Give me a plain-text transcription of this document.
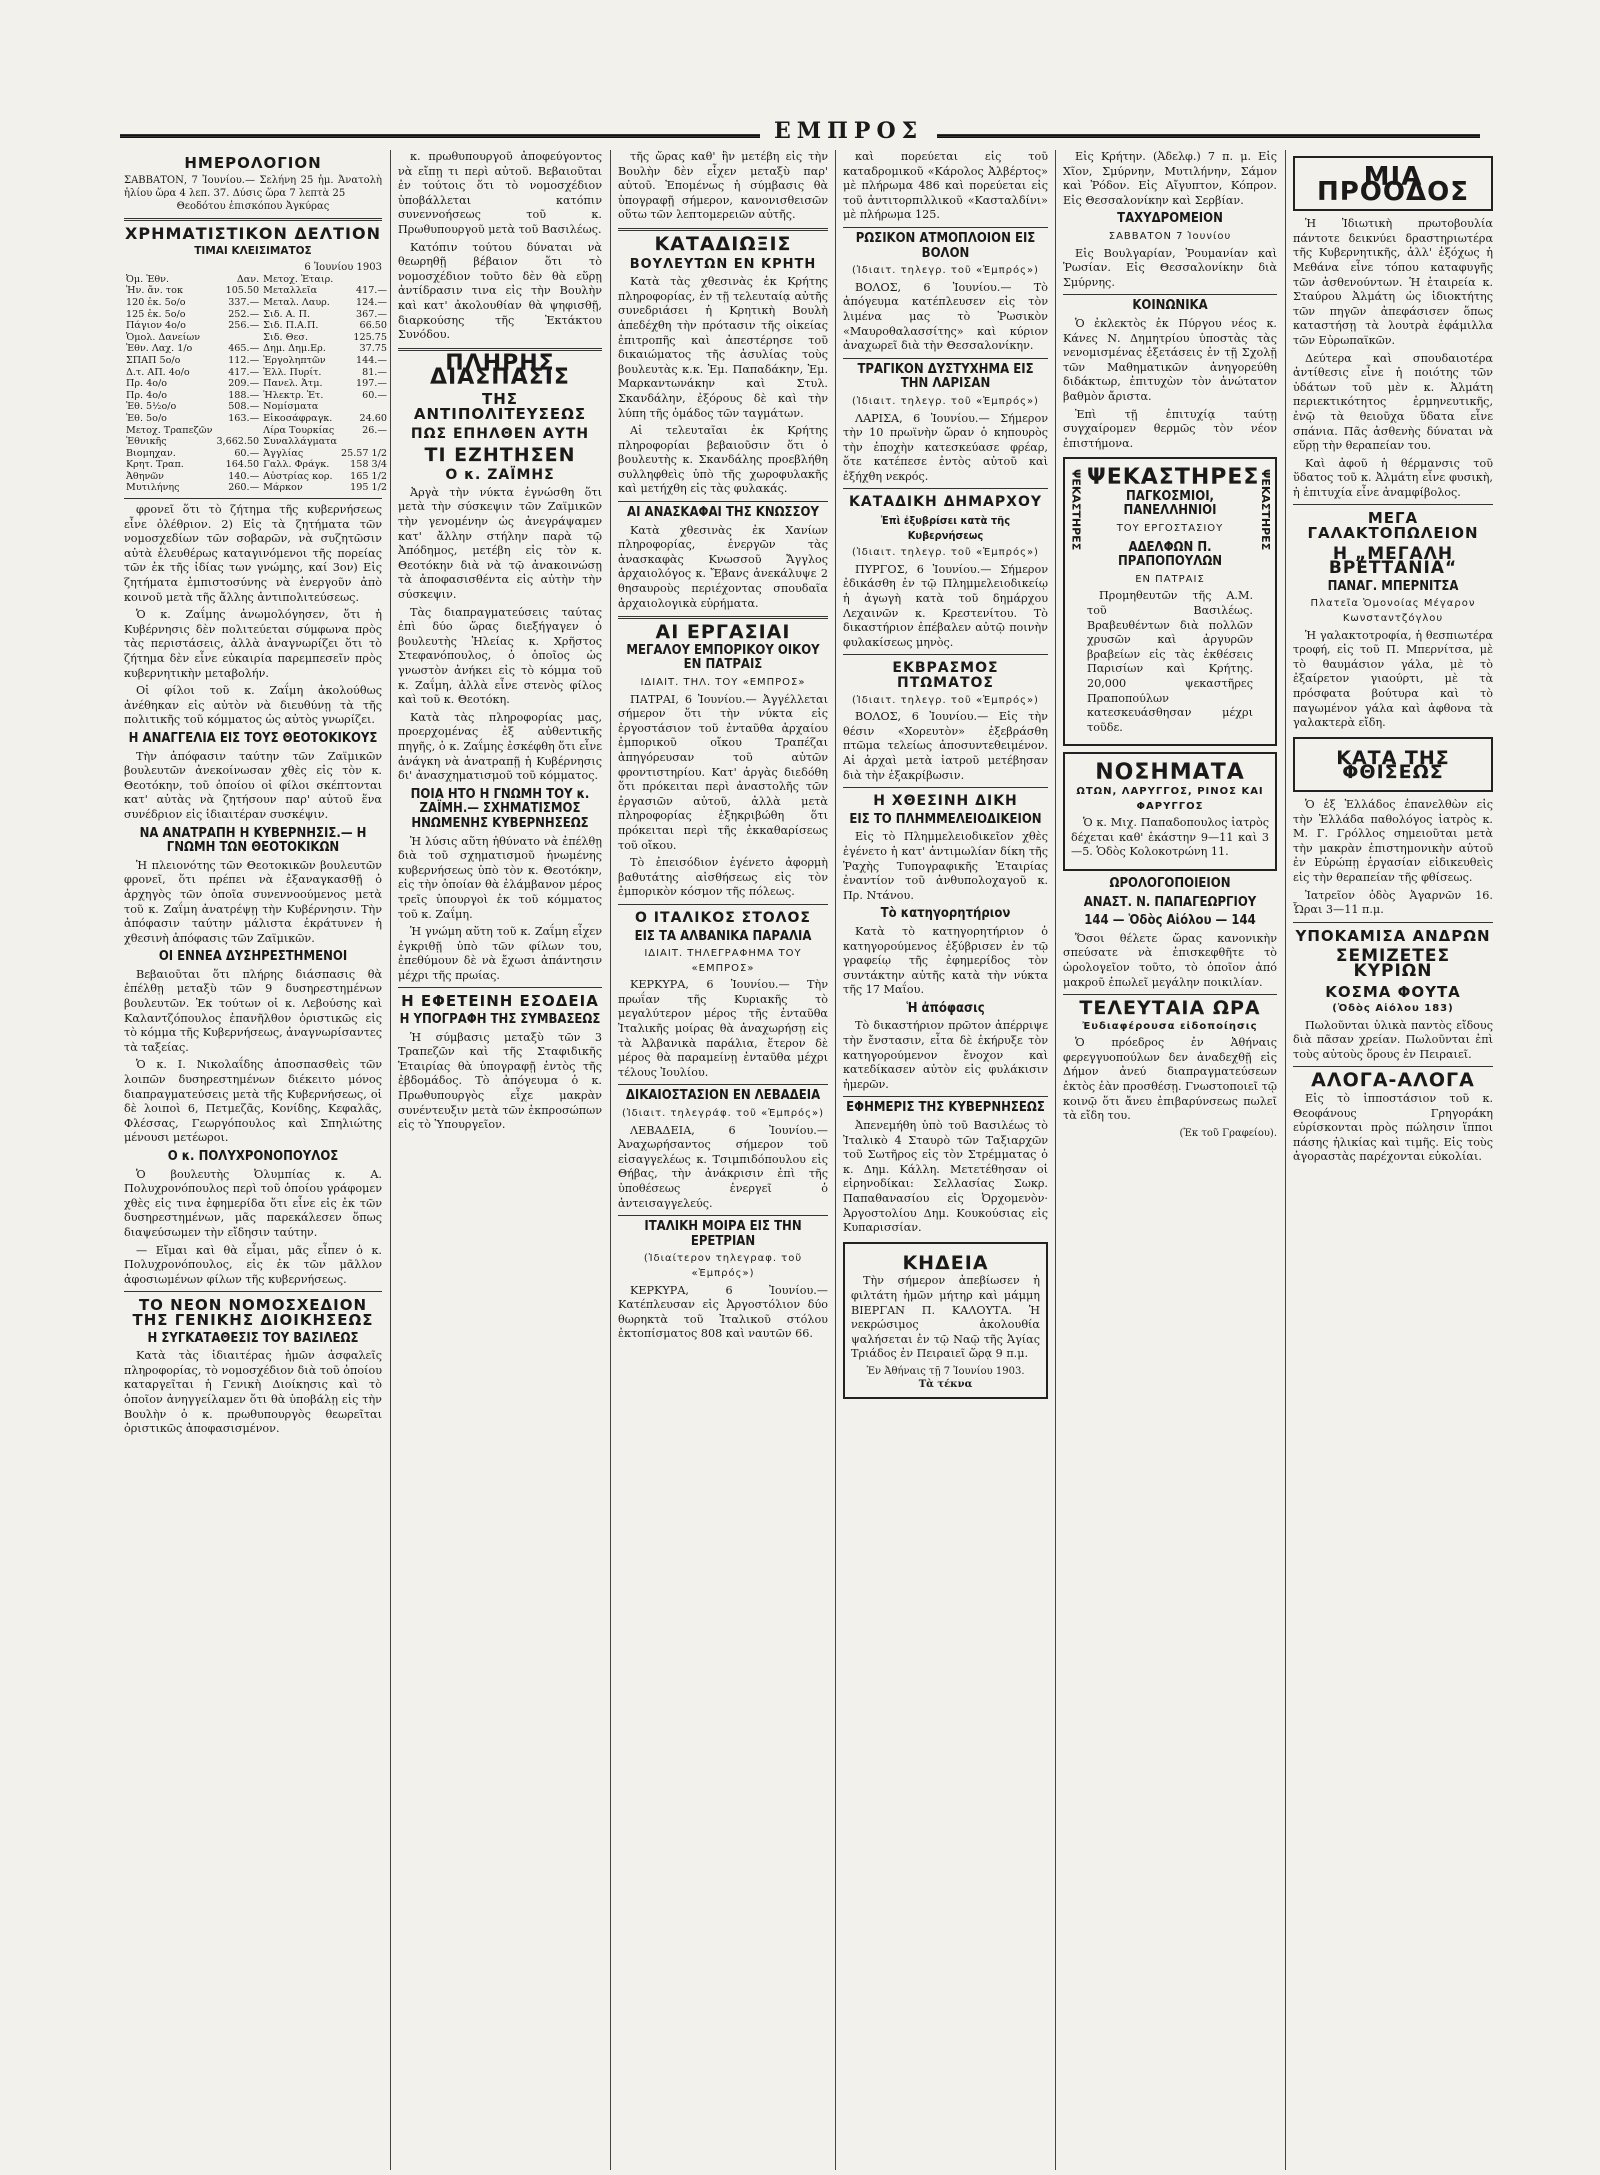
ΕΜΠΡΟΣ
ΗΜΕΡΟΛΟΓΙΟΝ
ΣΑΒΒΑΤΟΝ, 7 Ἰουνίου.— Σελήνη 25 ἡμ. Ἀνατολὴ ἡλίου ὥρα 4 λεπ. 37. Δύσις ὥρα 7 λεπτὰ 25
Θεοδότου ἐπισκόπου Ἀγκύρας
ΧΡΗΜΑΤΙΣΤΙΚΟΝ ΔΕΛΤΙΟΝ
ΤΙΜΑΙ ΚΛΕΙΣΙΜΑΤΟΣ
6 Ἰουνίου 1903
Ὀμ. Ἐθν.	Δαν.	Μετοχ. Ἑταιρ.	
Ἡν. ἄν. τοκ	105.50	Μεταλλεῖα	417.—
120 ἐκ. 5ο/ο	337.—	Μεταλ. Λαυρ.	124.—
125 ἐκ. 5ο/ο	252.—	Σιδ. Α. Π.	367.—
Πάγιον 4ο/ο	256.—	Σιδ. Π.Α.Π.	66.50
Ὁμολ. Δανείων		Σιδ. Θεσ.	125.75
Ἐθν. Λαχ. 1/ο	465.—	Δημ. Δημ.Ερ.	37.75
ΣΠΑΠ 5ο/ο	112.—	Ἐργοληπτῶν	144.—
Δ.τ. ΑΠ. 4ο/ο	417.—	Ἑλλ. Πυρίτ.	81.—
Πρ. 4ο/ο	209.—	Πανελ. Ἀτμ.	197.—
Πρ. 4ο/ο	188.—	Ἠλεκτρ. Ἐτ.	60.—
Ἐθ. 5½ο/ο	508.—	Νομίσματα	
Ἐθ. 5ο/ο	163.—	Εἰκοσάφραγκ.	24.60
Μετοχ. Τραπεζῶν		Λίρα Τουρκίας	26.—
Ἐθνικῆς	3,662.50	Συναλλάγματα	
Βιομηχαν.	60.—	Ἀγγλίας	25.57 1/2
Κρητ. Τραπ.	164.50	Γαλλ. Φράγκ.	158 3/4
Ἀθηνῶν	140.—	Αὐστρίας κορ.	165 1/2
Μυτιλήνης	260.—	Μάρκον	195 1/2

φρονεῖ ὅτι τὸ ζήτημα τῆς κυβερνήσεως εἶνε ὀλέθριον. 2) Εἰς τὰ ζητήματα τῶν νομοσχεδίων τῶν σοβαρῶν, νὰ συζητῶσιν αὐτὰ ἐλευθέρως καταγινόμενοι τῆς πορείας τῶν ἐκ τῆς ἰδίας των γνώμης, καί 3ον) Εἰς ζητήματα ἐμπιστοσύνης νὰ ἐνεργοῦν ἀπὸ κοινοῦ μετὰ τῆς ἄλλης ἀντιπολιτεύσεως.

Ὁ κ. Ζαΐμης ἀνωμολόγησεν, ὅτι ἡ Κυβέρνησις δὲν πολιτεύεται σύμφωνα πρὸς τὰς περιστάσεις, ἀλλὰ ἀναγνωρίζει ὅτι τὸ ζήτημα δὲν εἶνε εὐκαιρία παρεμπεσεῖν πρὸς κυβερνητικὴν μεταβολήν.

Οἱ φίλοι τοῦ κ. Ζαΐμη ἀκολούθως ἀνέθηκαν εἰς αὐτὸν νὰ διευθύνῃ τὰ τῆς πολιτικῆς τοῦ κόμματος ὡς αὐτὸς γνωρίζει.

Η ΑΝΑΓΓΕΛΙΑ ΕΙΣ ΤΟΥΣ ΘΕΟΤΟΚΙΚΟΥΣ

Τὴν ἀπόφασιν ταύτην τῶν Ζαϊμικῶν βουλευτῶν ἀνεκοίνωσαν χθὲς εἰς τὸν κ. Θεοτόκην, τοῦ ὁποίου οἱ φίλοι σκέπτονται κατ' αὐτὰς νὰ ζητήσουν παρ' αὐτοῦ ἕνα συνέδριον εἰς ἰδιαιτέραν συσκέψιν.

ΝΑ ΑΝΑΤΡΑΠΗ Η ΚΥΒΕΡΝΗΣΙΣ.— Η ΓΝΩΜΗ ΤΩΝ ΘΕΟΤΟΚΙΚΩΝ

Ἡ πλειονότης τῶν Θεοτοκικῶν βουλευτῶν φρονεῖ, ὅτι πρέπει νὰ ἐξαναγκασθῇ ὁ ἀρχηγὸς τῶν ὁποῖα συνεννοούμενος μετὰ τοῦ κ. Ζαΐμη ἀνατρέψῃ τὴν Κυβέρνησιν. Τὴν ἀπόφασιν ταύτην μάλιστα ἐκράτυνεν ἡ χθεσινὴ ἀπόφασις τῶν Ζαϊμικῶν.

ΟΙ ΕΝΝΕΑ ΔΥΣΗΡΕΣΤΗΜΕΝΟΙ

Βεβαιοῦται ὅτι πλήρης διάσπασις θὰ ἐπέλθῃ μεταξὺ τῶν 9 δυσηρεστημένων βουλευτῶν. Ἐκ τούτων οἱ κ. Λεβούσης καὶ Καλαντζόπουλος ἐπανῆλθον ὁριστικῶς εἰς τὸ κόμμα τῆς Κυβερνήσεως, ἀναγνωρίσαντες τὰ ταξείας.

Ὁ κ. Ι. Νικολαΐδης ἀποσπασθεὶς τῶν λοιπῶν δυσηρεστημένων διέκειτο μόνος διαπραγματεύσεις μετὰ τῆς Κυβερνήσεως, οἱ δὲ λοιποὶ 6, Πετμεζᾶς, Κονίδης, Κεφαλᾶς, Φλέσσας, Γεωργόπουλος καὶ Σπηλιώτης μένουσι μετέωροι.

Ο κ. ΠΟΛΥΧΡΟΝΟΠΟΥΛΟΣ

Ὁ βουλευτὴς Ὀλυμπίας κ. Α. Πολυχρονόπουλος περὶ τοῦ ὁποίου γράφομεν χθὲς εἰς τινα ἐφημερίδα ὅτι εἶνε εἰς ἐκ τῶν δυσηρεστημένων, μᾶς παρεκάλεσεν ὅπως διαψεύσωμεν τὴν εἴδησιν ταύτην.

— Εἴμαι καὶ θὰ εἶμαι, μᾶς εἶπεν ὁ κ. Πολυχρονόπουλος, εἰς ἐκ τῶν μᾶλλον ἀφοσιωμένων φίλων τῆς κυβερνήσεως.

ΤΟ ΝΕΟΝ ΝΟΜΟΣΧΕΔΙΟΝ ΤΗΣ ΓΕΝΙΚΗΣ ΔΙΟΙΚΗΣΕΩΣ
Η ΣΥΓΚΑΤΑΘΕΣΙΣ ΤΟΥ ΒΑΣΙΛΕΩΣ

Κατὰ τὰς ἰδιαιτέρας ἡμῶν ἀσφαλεῖς πληροφορίας, τὸ νομοσχέδιον διὰ τοῦ ὁποίου καταργεῖται ἡ Γενικὴ Διοίκησις καὶ τὸ ὁποῖον ἀνηγγείλαμεν ὅτι θὰ ὑποβάλῃ εἰς τὴν Βουλὴν ὁ κ. πρωθυπουργὸς θεωρεῖται ὁριστικῶς ἀποφασισμένον.

κ. πρωθυπουργοῦ ἀποφεύγοντος νὰ εἴπῃ τι περὶ αὐτοῦ. Βεβαιοῦται ἐν τούτοις ὅτι τὸ νομοσχέδιον ὑποβάλλεται κατόπιν συνεννοήσεως τοῦ κ. Πρωθυπουργοῦ μετὰ τοῦ Βασιλέως.

Κατόπιν τούτου δύναται νὰ θεωρηθῇ βέβαιον ὅτι τὸ νομοσχέδιον τοῦτο δὲν θὰ εὕρῃ ἀντίδρασιν τινα εἰς τὴν Βουλὴν καὶ κατ' ἀκολουθίαν θὰ ψηφισθῇ, διαρκούσης τῆς Ἐκτάκτου Συνόδου.

ΠΛΗΡΗΣ ΔΙΑΣΠΑΣΙΣ
ΤΗΣ ΑΝΤΙΠΟΛΙΤΕΥΣΕΩΣ
ΠΩΣ ΕΠΗΛΘΕΝ ΑΥΤΗ
ΤΙ ΕΖΗΤΗΣΕΝ
Ο κ. ΖΑΪΜΗΣ

Ἀργὰ τὴν νύκτα ἐγνώσθη ὅτι μετὰ τὴν σύσκεψιν τῶν Ζαϊμικῶν τὴν γενομένην ὡς ἀνεγράψαμεν κατ' ἄλλην στήλην παρὰ τῷ Ἀπόδημος, μετέβη εἰς τὸν κ. Θεοτόκην διὰ νὰ τῷ ἀνακοινώσῃ τὰ ἀποφασισθέντα εἰς αὐτὴν τὴν σύσκεψιν.

Τὰς διαπραγματεύσεις ταύτας ἐπὶ δύο ὥρας διεξήγαγεν ὁ βουλευτὴς Ἠλείας κ. Χρῆστος Στεφανόπουλος, ὁ ὁποῖος ὡς γνωστὸν ἀνήκει εἰς τὸ κόμμα τοῦ κ. Ζαΐμη, ἀλλὰ εἶνε στενὸς φίλος καὶ τοῦ κ. Θεοτόκη.

Κατὰ τὰς πληροφορίας μας, προερχομένας ἐξ αὐθεντικῆς πηγῆς, ὁ κ. Ζαΐμης ἐσκέφθη ὅτι εἶνε ἀνάγκη νὰ ἀνατραπῇ ἡ Κυβέρνησις δι' ἀνασχηματισμοῦ τοῦ κόμματος.

ΠΟΙΑ ΗΤΟ Η ΓΝΩΜΗ ΤΟΥ κ. ΖΑΪΜΗ.— ΣΧΗΜΑΤΙΣΜΟΣ ΗΝΩΜΕΝΗΣ ΚΥΒΕΡΝΗΣΕΩΣ

Ἡ λύσις αὕτη ἠθύνατο νὰ ἐπέλθῃ διὰ τοῦ σχηματισμοῦ ἡνωμένης κυβερνήσεως ὑπὸ τὸν κ. Θεοτόκην, εἰς τὴν ὁποίαν θὰ ἐλάμβανον μέρος τρεῖς ὑπουργοὶ ἐκ τοῦ κόμματος τοῦ κ. Ζαΐμη.

Ἡ γνώμη αὕτη τοῦ κ. Ζαΐμη εἶχεν ἐγκριθῇ ὑπὸ τῶν φίλων του, ἐπεθύμουν δὲ νὰ ἔχωσι ἀπάντησιν μέχρι τῆς πρωίας.

Η ΕΦΕΤΕΙΝΗ ΕΣΟΔΕΙΑ
Η ΥΠΟΓΡΑΦΗ ΤΗΣ ΣΥΜΒΑΣΕΩΣ

Ἡ σύμβασις μεταξὺ τῶν 3 Τραπεζῶν καὶ τῆς Σταφιδικῆς Ἑταιρίας θὰ ὑπογραφῇ ἐντὸς τῆς ἐβδομάδος. Τὸ ἀπόγευμα ὁ κ. Πρωθυπουργὸς εἶχε μακρὰν συνέντευξιν μετὰ τῶν ἐκπροσώπων εἰς τὸ Ὑπουργεῖον.

τῆς ὥρας καθ' ἣν μετέβη εἰς τὴν Βουλὴν δὲν εἶχεν μεταξὺ παρ' αὐτοῦ. Ἐπομένως ἡ σύμβασις θὰ ὑπογραφῇ σήμερον, κανονισθεισῶν οὕτω τῶν λεπτομερειῶν αὐτῆς.

ΚΑΤΑΔΙΩΞΙΣ
ΒΟΥΛΕΥΤΩΝ ΕΝ ΚΡΗΤΗ

Κατὰ τὰς χθεσινὰς ἐκ Κρήτης πληροφορίας, ἐν τῇ τελευταίᾳ αὐτῆς συνεδριάσει ἡ Κρητικὴ Βουλὴ ἀπεδέχθη τὴν πρότασιν τῆς οἰκείας ἐπιτροπῆς καὶ ἀπεστέρησε τοῦ δικαιώματος τῆς ἀσυλίας τοὺς βουλευτὰς κ.κ. Ἐμ. Παπαδάκην, Ἐμ. Μαρκαντωνάκην καὶ Στυλ. Σκανδάλην, ἐξόρους δὲ καὶ τὴν λύπη τῆς ὁμάδος τῶν ταγμάτων.

Αἱ τελευταῖαι ἐκ Κρήτης πληροφορίαι βεβαιοῦσιν ὅτι ὁ βουλευτὴς κ. Σκανδάλης προεβλήθη συλληφθεὶς ὑπὸ τῆς χωροφυλακῆς καὶ μετήχθη εἰς τὰς φυλακάς.

ΑΙ ΑΝΑΣΚΑΦΑΙ ΤΗΣ ΚΝΩΣΣΟΥ

Κατὰ χθεσινὰς ἐκ Χανίων πληροφορίας, ἐνεργῶν τὰς ἀνασκαφὰς Κνωσσοῦ Ἄγγλος ἀρχαιολόγος κ. Ἔβανς ἀνεκάλυψε 2 θησαυροὺς περιέχοντας σπουδαῖα ἀρχαιολογικὰ εὑρήματα.

ΑΙ ΕΡΓΑΣΙΑΙ
ΜΕΓΑΛΟΥ ΕΜΠΟΡΙΚΟΥ ΟΙΚΟΥ ΕΝ ΠΑΤΡΑΙΣ
ΙΔΙΑΙΤ. ΤΗΛ. ΤΟΥ «ΕΜΠΡΟΣ»

ΠΑΤΡΑΙ, 6 Ἰουνίου.— Ἀγγέλλεται σήμερον ὅτι τὴν νύκτα εἰς ἐργοστάσιον τοῦ ἐνταῦθα ἀρχαίου ἐμπορικοῦ οἴκου Τραπέζαι ἀπηγόρευσαν τοῦ αὐτῶν φροντιστηρίου. Κατ' ἀργὰς διεδόθη ὅτι πρόκειται περὶ ἀναστολῆς τῶν ἐργασιῶν αὐτοῦ, ἀλλὰ μετὰ πληροφορίας ἐξηκριβώθη ὅτι πρόκειται περὶ τῆς ἐκκαθαρίσεως τοῦ οἴκου.

Τὸ ἐπεισόδιον ἐγένετο ἀφορμὴ βαθυτάτης αἰσθήσεως εἰς τὸν ἐμπορικὸν κόσμον τῆς πόλεως.

Ο ΙΤΑΛΙΚΟΣ ΣΤΟΛΟΣ
ΕΙΣ ΤΑ ΑΛΒΑΝΙΚΑ ΠΑΡΑΛΙΑ
ΙΔΙΑΙΤ. ΤΗΛΕΓΡΑΦΗΜΑ ΤΟΥ «ΕΜΠΡΟΣ»

ΚΕΡΚΥΡΑ, 6 Ἰουνίου.— Τὴν πρωΐαν τῆς Κυριακῆς τὸ μεγαλύτερον μέρος τῆς ἐνταῦθα Ἰταλικῆς μοίρας θὰ ἀναχωρήσῃ εἰς τὰ Ἀλβανικὰ παράλια, ἕτερον δὲ μέρος θὰ παραμείνῃ ἐνταῦθα μέχρι τέλους Ἰουλίου.

ΔΙΚΑΙΟΣΤΑΣΙΟΝ ΕΝ ΛΕΒΑΔΕΙΑ
(Ἰδιαιτ. τηλεγράφ. τοῦ «Ἐμπρός»)

ΛΕΒΑΔΕΙΑ, 6 Ἰουνίου.— Ἀναχωρήσαντος σήμερον τοῦ εἰσαγγελέως κ. Τσιμπιδόπουλου εἰς Θήβας, τὴν ἀνάκρισιν ἐπὶ τῆς ὑποθέσεως ἐνεργεῖ ὁ ἀντεισαγγελεύς.

ΙΤΑΛΙΚΗ ΜΟΙΡΑ ΕΙΣ ΤΗΝ ΕΡΕΤΡΙΑΝ
(Ἰδιαίτερον τηλεγραφ. τοῦ «Ἐμπρός»)

ΚΕΡΚΥΡΑ, 6 Ἰουνίου.— Κατέπλευσαν εἰς Ἀργοστόλιον δύο θωρηκτὰ τοῦ Ἰταλικοῦ στόλου ἐκτοπίσματος 808 καὶ ναυτῶν 66.

καὶ πορεύεται εἰς τοῦ καταδρομικοῦ «Κάρολος Ἀλβέρτος» μὲ πλήρωμα 486 καὶ πορεύεται εἰς τοῦ ἀντιτορπιλλικοῦ «Κασταλδίνι» μὲ πλήρωμα 125.

ΡΩΣΙΚΟΝ ΑΤΜΟΠΛΟΙΟΝ ΕΙΣ ΒΟΛΟΝ
(Ἰδιαιτ. τηλεγρ. τοῦ «Ἐμπρός»)

ΒΟΛΟΣ, 6 Ἰουνίου.— Τὸ ἀπόγευμα κατέπλευσεν εἰς τὸν λιμένα μας τὸ Ῥωσικὸν «Μαυροθαλασσίτης» καὶ κύριον ἀναχωρεῖ διὰ τὴν Θεσσαλονίκην.

ΤΡΑΓΙΚΟΝ ΔΥΣΤΥΧΗΜΑ ΕΙΣ ΤΗΝ ΛΑΡΙΣΑΝ
(Ἰδιαιτ. τηλεγρ. τοῦ «Ἐμπρός»)

ΛΑΡΙΣΑ, 6 Ἰουνίου.— Σήμερον τὴν 10 πρωϊνὴν ὥραν ὁ κηπουρὸς τὴν ἐποχὴν κατεσκεύασε φρέαρ, ὅτε κατέπεσε ἐντὸς αὐτοῦ καὶ ἐξήχθη νεκρός.

ΚΑΤΑΔΙΚΗ ΔΗΜΑΡΧΟΥ
Ἐπὶ ἐξυβρίσει κατὰ τῆς Κυβερνήσεως
(Ἰδιαιτ. τηλεγρ. τοῦ «Ἐμπρός»)

ΠΥΡΓΟΣ, 6 Ἰουνίου.— Σήμερον ἐδικάσθη ἐν τῷ Πλημμελειοδικείῳ ἡ ἀγωγὴ κατὰ τοῦ δημάρχου Λεχαινῶν κ. Κρεστενίτου. Τὸ δικαστήριον ἐπέβαλεν αὐτῷ ποινὴν φυλακίσεως μηνὸς.

ΕΚΒΡΑΣΜΟΣ ΠΤΩΜΑΤΟΣ
(Ἰδιαιτ. τηλεγρ. τοῦ «Ἐμπρός»)

ΒΟΛΟΣ, 6 Ἰουνίου.— Εἰς τὴν θέσιν «Χορευτὸν» ἐξεβράσθη πτῶμα τελείως ἀποσυντεθειμένον. Αἱ ἀρχαὶ μετὰ ἰατροῦ μετέβησαν διὰ τὴν ἐξακρίβωσιν.

Η ΧΘΕΣΙΝΗ ΔΙΚΗ
ΕΙΣ ΤΟ ΠΛΗΜΜΕΛΕΙΟΔΙΚΕΙΟΝ

Εἰς τὸ Πλημμελειοδικεῖον χθὲς ἐγένετο ἡ κατ' ἀντιμωλίαν δίκη τῆς Ῥαχὴς Τυπογραφικῆς Ἑταιρίας ἐναντίον τοῦ ἀνθυπολοχαγοῦ κ. Πρ. Ντάνου.

Τὸ κατηγορητήριον

Κατὰ τὸ κατηγορητήριον ὁ κατηγορούμενος ἐξύβρισεν ἐν τῷ γραφείῳ τῆς ἐφημερίδος τὸν συντάκτην αὐτῆς κατὰ τὴν νύκτα τῆς 17 Μαΐου.

Ἡ ἀπόφασις

Τὸ δικαστήριον πρῶτον ἀπέρριψε τὴν ἔνστασιν, εἶτα δὲ ἐκήρυξε τὸν κατηγορούμενον ἔνοχον καὶ κατεδίκασεν αὐτὸν εἰς φυλάκισιν ἡμερῶν.

ΕΦΗΜΕΡΙΣ ΤΗΣ ΚΥΒΕΡΝΗΣΕΩΣ

Ἀπενεμήθη ὑπὸ τοῦ Βασιλέως τὸ Ἰταλικὸ 4 Σταυρὸ τῶν Ταξιαρχῶν τοῦ Σωτῆρος εἰς τὸν Στρέμματας ὁ κ. Δημ. Κάλλη. Μετετέθησαν οἱ εἰρηνοδίκαι: Σελλασίας Σωκρ. Παπαθανασίου εἰς Ὀρχομενὸν· Ἀργοστολίου Δημ. Κουκούσιας εἰς Κυπαρισσίαν.

ΚΗΔΕΙΑ

Τὴν σήμερον ἀπεβίωσεν ἡ φιλτάτη ἡμῶν μήτηρ καὶ μάμμη ΒΙΕΡΓΑΝ Π. ΚΑΛΟΥΤΑ. Ἡ νεκρώσιμος ἀκολουθία ψαλήσεται ἐν τῷ Ναῷ τῆς Ἁγίας Τριάδος ἐν Πειραιεῖ ὥρᾳ 9 π.μ.

Ἐν Ἀθήναις τῇ 7 Ἰουνίου 1903.
Τὰ τέκνα

Εἰς Κρήτην. (Ἀδελφ.) 7 π. μ. Εἰς Χῖον, Σμύρνην, Μυτιλήνην, Σάμον καὶ Ῥόδον. Εἰς Αἴγυπτον, Κόπρον. Εἰς Θεσσαλονίκην καὶ Σερβίαν.

ΤΑΧΥΔΡΟΜΕΙΟΝ
ΣΑΒΒΑΤΟΝ 7 Ἰουνίου

Εἰς Βουλγαρίαν, Ῥουμανίαν καὶ Ῥωσίαν. Εἰς Θεσσαλονίκην διὰ Σμύρνης.

ΚΟΙΝΩΝΙΚΑ

Ὁ ἐκλεκτὸς ἐκ Πύργου νέος κ. Κάνες Ν. Δημητρίου ὑποστὰς τὰς νενομισμένας ἐξετάσεις ἐν τῇ Σχολῇ τῶν Μαθηματικῶν ἀνηγορεύθη διδάκτωρ, ἐπιτυχὼν τὸν ἀνώτατον βαθμὸν ἄριστα.

Ἐπὶ τῇ ἐπιτυχίᾳ ταύτῃ συγχαίρομεν θερμῶς τὸν νέον ἐπιστήμονα.

ΨΕΚΑΣΤΗΡΕΣ	ΨΕΚΑΣΤΗΡΕΣ
ΨΕΚΑΣΤΗΡΕΣ
ΠΑΓΚΟΣΜΙΟΙ, ΠΑΝΕΛΛΗΝΙΟΙ
ΤΟΥ ΕΡΓΟΣΤΑΣΙΟΥ
ΑΔΕΛΦΩΝ Π. ΠΡΑΠΟΠΟΥΛΩΝ
ΕΝ ΠΑΤΡΑΙΣ

Προμηθευτῶν τῆς Α.Μ. τοῦ Βασιλέως. Βραβευθέντων διὰ πολλῶν χρυσῶν καὶ ἀργυρῶν βραβείων εἰς τὰς ἐκθέσεις Παρισίων καὶ Κρήτης. 20,000 ψεκαστῆρες Πραποπούλων κατεσκευάσθησαν μέχρι τοῦδε.

ΝΟΣΗΜΑΤΑ
ΩΤΩΝ, ΛΑΡΥΓΓΟΣ, ΡΙΝΟΣ ΚΑΙ ΦΑΡΥΓΓΟΣ

Ὁ κ. Μιχ. Παπαδοπουλος ἰατρὸς δέχεται καθ' ἑκάστην 9—11 καὶ 3—5. Ὁδὸς Κολοκοτρώνη 11.

ΩΡΟΛΟΓΟΠΟΙΕΙΟΝ
ΑΝΑΣΤ. Ν. ΠΑΠΑΓΕΩΡΓΙΟΥ
144 — Ὁδὸς Αἰόλου — 144

Ὅσοι θέλετε ὥρας κανονικὴν σπεύσατε νὰ ἐπισκεφθῆτε τὸ ὡρολογεῖον τοῦτο, τὸ ὁποῖον ἀπό μακροῦ ἐπωλεῖ μεγάλην ποικιλίαν.

ΤΕΛΕΥΤΑΙΑ ΩΡΑ
Ἐυδιαφέρουσα εἰδοποίησις

Ὁ πρόεδρος ἐν Ἀθήναις φερεγγυοπούλων δεν ἀναδεχθῇ εἰς Δήμον ἀνεύ διαπραγματεύσεων ἐκτὸς ἐὰν προσθέσῃ. Γνωστοποιεῖ τῷ κοινῷ ὅτι ἄνευ ἐπιβαρύνσεως πωλεῖ τὰ εἴδη του.

(Ἐκ τοῦ Γραφείου).
ΜΙΑ ΠΡΟΟΔΟΣ

Ἡ Ἰδιωτικὴ πρωτοβουλία πάντοτε δεικνύει δραστηριωτέρα τῆς Κυβερνητικῆς, ἀλλ' ἐξόχως ἡ Μεθάνα εἶνε τόπου καταφυγῆς τῶν ἀσθενούντων. Ἡ ἐταιρεία κ. Σταύρου Ἀλμάτη ὡς ἰδιοκτήτης τῶν πηγῶν ἀπεφάσισεν ὅπως καταστήσῃ τὰ λουτρὰ ἐφάμιλλα τῶν Εὐρωπαϊκῶν.

Δεύτερα καὶ σπουδαιοτέρα ἀντίθεσις εἶνε ἡ ποιότης τῶν ὑδάτων τοῦ μὲν κ. Ἀλμάτη περιεκτικότητος ἐρμηνευτικῆς, ἐνῷ τὰ θειοῦχα ὕδατα εἶνε σπάνια. Πᾶς ἀσθενὴς δύναται νὰ εὕρῃ τὴν θεραπείαν του.

Καὶ ἀφοῦ ἡ θέρμανσις τοῦ ὕδατος τοῦ κ. Ἀλμάτη εἶνε φυσικὴ, ἡ ἐπιτυχία εἶνε ἀναμφίβολος.

ΜΕΓΑ ΓΑΛΑΚΤΟΠΩΛΕΙΟΝ
Η „ΜΕΓΑΛΗ ΒΡΕΤΤΑΝΙΑ“
ΠΑΝΑΓ. ΜΠΕΡΝΙΤΣΑ
Πλατεῖα Ὁμονοίας Μέγαρον Κωνσταντζόγλου

Ἡ γαλακτοτροφία, ἡ θεσπιωτέρα τροφή, εἰς τοῦ Π. Μπερνίτσα, μὲ τὸ θαυμάσιον γάλα, μὲ τὸ ἐξαίρετον γιαούρτι, μὲ τὰ πρόσφατα βούτυρα καὶ τὸ παγωμένον γάλα καὶ ἀφθονα τὰ γαλακτερὰ εἴδη.

ΚΑΤΑ ΤΗΣ ΦΘΙΣΕΩΣ

Ὁ ἐξ Ἑλλάδος ἐπανελθὼν εἰς τὴν Ἑλλάδα παθολόγος ἰατρὸς κ. Μ. Γ. Γρόλλος σημειοῦται μετὰ τὴν μακρὰν ἐπιστημονικὴν αὐτοῦ ἐν Εὐρώπῃ ἐργασίαν εἰδικευθεὶς εἰς τὴν θεραπείαν τῆς φθίσεως.

Ἰατρεῖον ὁδὸς Ἀγαρνῶν 16. Ὧραι 3—11 π.μ.

ΥΠΟΚΑΜΙΣΑ ΑΝΔΡΩΝ
ΣΕΜΙΖΕΤΕΣ ΚΥΡΙΩΝ
ΚΟΣΜΑ ΦΟΥΤΑ
(Ὁδὸς Αἰόλου 183)

Πωλοῦνται ὑλικὰ παντὸς εἴδους διὰ πᾶσαν χρείαν. Πωλοῦνται ἐπὶ τοὺς αὐτοὺς ὅρους ἐν Πειραιεῖ.

ΑΛΟΓΑ-ΑΛΟΓΑ

Εἰς τὸ ἱπποστάσιον τοῦ κ. Θεοφάνους Γρηγοράκη εὑρίσκονται πρὸς πώλησιν ἵπποι πάσης ἡλικίας καὶ τιμῆς. Εἰς τοὺς ἀγοραστὰς παρέχονται εὐκολίαι.
